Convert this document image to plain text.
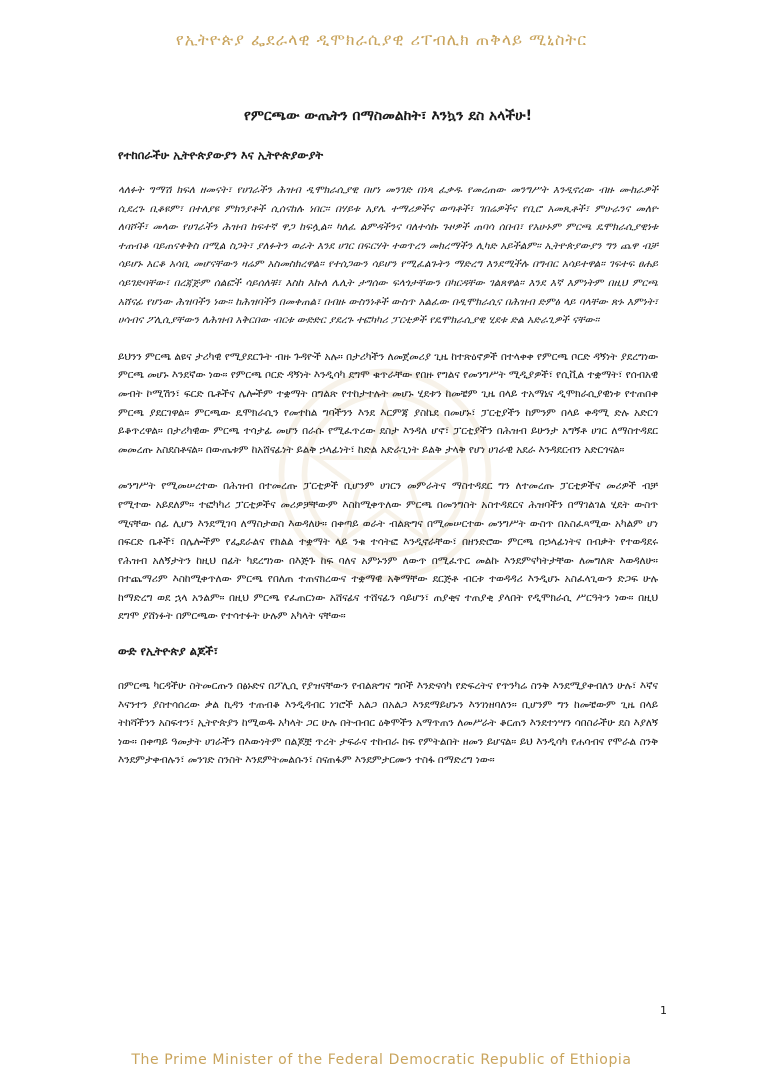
የኢትዮጵያ ፌደራላዊ ዲሞክራሲያዊ ሪፐብሊክ ጠቅላይ ሚኒስትር
የምርጫው ውጤትን በማስመልከት፣ እንኳን ደስ አላችሁ!
የተከበራችሁ ኢትዮጵያውያን እና ኢትዮጵያውያት

ላለፉት ግማሽ ክፍለ ዘመናት፣ የሀገራችን ሕዝብ ዲሞክራሲያዊ በሆነ መንገድ በነጻ ፈቃዱ የመረጠው መንግሥት እንዲኖረው ብዙ ሙከራዎች ሲደረጉ ቢቆዩም፣ በተለያዩ ምክንያቶች ሲሰናከሉ ነበር። በሃይቱ አያሌ ተማሪዎችና ወጣቶች፣ ገበሬዎችና የቢሮ አመጺቶች፣ ምሁራንና መለዮ ለባሾች፣ መላው የሀገራችን ሕዝብ ከፍተኛ ዋጋ ከፍሏል። ካለፈ ልምዳችንና ባለተሳኩ ጉዞዎች ጠባሳ ሰበብ፣ የአሁኑም ምርጫ ዴሞክራሲያዊነቱ ተጠብቆ ባይጠናቀቅስ በሚል ስጋት፣ ያለፉትን ወራት እንደ ሀገር በፍርሃት ተወጥረን መክረማችን ሊካድ አይችልም። ኢትዮጵያውያን ግን ጨዋ ብቻ ሳይሆኑ አርቆ አሳቢ መሆናቸውን ዛሬም አስመስክረዋል። የተሰጋውን ሳይሆን የሚፈልጉትን ማድረግ እንደሚችሉ በግብር አሳይተዋል። ገፍተፍ ፀሐይ ሳይገድባቸው፣ በረጃጅም ሰልፎች ሳይሰለቹ፣ እስከ እኩለ ሌሊት ታግሰው ፍላጎታቸውን በካርዳቸው ገልጸዋል። እንደ እኛ እምነትም በዚህ ምርጫ አሸናፊ የሆነው ሕዝባችን ነው። ከሕዝባችን በመቀጠል፣ በብዙ ውስንነቶች ውስጥ አልፈው በዲሞክራሲና በሕዝብ ድምፅ ላይ ባላቸው ጽኑ እምነት፣ ሀሳብና ፖሊሲያቸውን ለሕዝብ አቅርበው ብርቱ ውድድር ያደረጉ ተፎካካሪ ፓርቲዎች የዴሞክራሲያዊ ሂደቱ ድል አድራጊዎች ናቸው።

ይህንን ምርጫ ልዩና ታሪካዊ የሚያደርጉት ብዙ ጉዳዮች አሉ። በታሪካችን ለመጀመሪያ ጊዜ ከተጽዕኖዎች በተላቀቀ የምርጫ ቦርድ ዳኝነት ያደረግነው ምርጫ መሆኑ እንደኛው ነው። የምርጫ ቦርድ ዳኝነት እንዲሳካ ደግሞ ቁጥራቸው የበዙ የግልና የመንግሥት ሚዲያዎች፣ የሲቪል ተቋማት፣ የሰብአዊ መብት ኮሚሽን፣ ፍርድ ቤቶችና ሌሎችም ተቋማት በግልጽ የተከታተሉት መሆኑ ሂደቱን ከመቼም ጊዜ በላይ ተአማኒና ዲሞክራሲያዊነቱ የተጠበቀ ምርጫ ያደርገዋል። ምርጫው ዴሞክራሲን የመተከል ግባችንን እንደ እርምጃ ያስኬደ በመሆኑ፣ ፓርቲያችን ከምንም በላይ ቀዳሚ ድሉ አድርጎ ይቆጥረዋል። በታሪካዊው ምርጫ ተሳታፊ መሆን በራሱ የሚፈጥረው ደስታ እንዳለ ሆኖ፣ ፓርቲያችን በሕዝብ ይሁንታ አግኝቶ ሀገር ለማስተዳደር መመረጡ አስደስቶናል። በውጤቱም ከአሸናፊነት ይልቅ ኃላፊነት፣ ከድል አድራጊነት ይልቅ ታላቅ የሆነ ሀገራዊ አደራ እንዳደርብን አድርጎናል።

መንግሥት የሚመሠረተው በሕዝብ በተመረጡ ፓርቲዎች ቢሆንም ሀገርን መምራትና ማስተዳደር ግን ለተመረጡ ፓርቲዎችና መሪዎች ብቻ የሚተው አይደለም። ተፎካካሪ ፓርቲዎችና መሪዎቻቸውም እስከሚቀጥለው ምርጫ በመንግስት አስተዳደርና ሕዝባችን በማገልገል ሂደት ውስጥ ሚናቸው ሰፊ ሊሆን እንደሚገባ ለማስታወስ እወዳለሁ። በቀጣይ ወራት ብልጽግና በሚመሠርተው መንግሥት ውስጥ በአስፈጻሚው አካልም ሆነ በፍርድ ቤቶች፣ በሌሎችም የፌደራልና የክልል ተቋማት ላይ ንቁ ተሳትፎ እንዲኖራቸው፣ በዘንድሮው ምርጫ በኃላፊነትና በብቃት የተወዳደሩ የሕዝብ አለኝታትን ከዚህ በፊት ካደረግነው በእጅጉ ከፍ ባለና አምኑንም ለውጥ በሚፈጥር መልኩ እንደምናካትታቸው ለመግለጽ እወዳለሁ። በተጨማሪም እስከሚቀጥለው ምርጫ የበለጠ ተጠናክረውና ተቋማዊ አቅማቸው ደርጅቶ ብርቱ ተወዳዳሪ እንዲሆኑ አስፈላጊውን ድጋፍ ሁሉ ከማድረግ ወደ ኋላ አንልም። በዚህ ምርጫ የፈጠርነው አሸናፊና ተሸናፊን ሳይሆን፣ ጠያቂና ተጠያቂ ያላበት የዲሞክራሲ ሥርዓትን ነው። በዚህ ደግሞ ያሸነፉት በምርጫው የተሳተፉት ሁሉም አካላት ናቸው።

ውድ የኢትዮጵያ ልጆች፣

በምርጫ ካርዳችሁ ስትመርጡን በፅኑድና በፖሊሲ የያዝናቸውን የብልጽግና ግቦች እንድናሳካ የድፍረትና የጥንካሬ ስንቅ እንደሚያቀብለን ሁሉ፣ እኛና እናንተን ያስተሳሰረው ቃል ኪዳን ተጠብቆ እንዲዳብር ነገሮች አልጋ በአልጋ እንደማይሆኑን እንገነዘባለን። ቢሆንም ግን ከመቼውም ጊዜ በላይ ትከሻችንን አስፍተን፣ ኢትዮጵያን ከሚወዱ አካላት ጋር ሁሉ በትብብር ዕቅሞችን አማጥጠን ለመሥራት ቆርጠን እንደተነሣን ሳበስራችሁ ደስ እያለኝ ነው። በቀጣይ ዓመታት ሀገራችን በእውነትም በልጆቿ ጥረት ታፍራና ተከብራ ከፍ የምትልበት ዘመን ይሆናል። ይህ እንዲሳካ የሐሳብና የሞራል ስንቅ እንደምታቀብሉን፣ መንገድ ስንስት እንደምትመልሱን፣ ስናጠፋም እንደምታርሙን ተስፋ በማድረግ ነው።

1
The Prime Minister of the Federal Democratic Republic of Ethiopia
